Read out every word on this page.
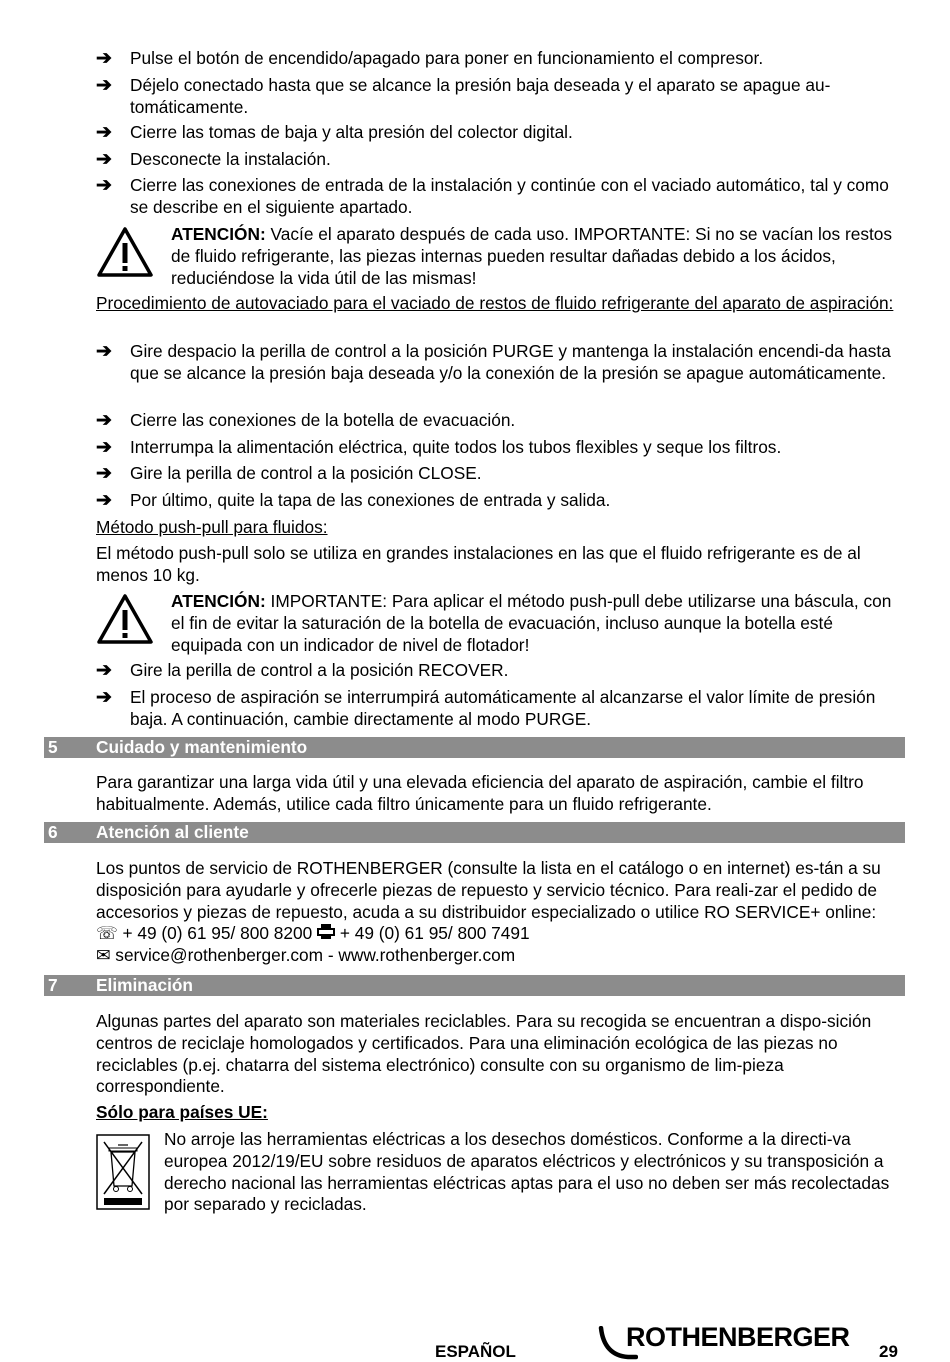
➔ Pulse el botón de encendido/apagado para poner en funcionamiento el compresor.
➔ Déjelo conectado hasta que se alcance la presión baja deseada y el aparato se apague au-tomáticamente.
➔ Cierre las tomas de baja y alta presión del colector digital.
➔ Desconecte la instalación.
➔ Cierre las conexiones de entrada de la instalación y continúe con el vaciado automático, tal y como se describe en el siguiente apartado.
ATENCIÓN: Vacíe el aparato después de cada uso. IMPORTANTE: Si no se vacían los restos de fluido refrigerante, las piezas internas pueden resultar dañadas debido a los ácidos, reduciéndose la vida útil de las mismas!
Procedimiento de autovaciado para el vaciado de restos de fluido refrigerante del aparato de aspiración:
➔ Gire despacio la perilla de control a la posición PURGE y mantenga la instalación encendi-da hasta que se alcance la presión baja deseada y/o la conexión de la presión se apague automáticamente.
➔ Cierre las conexiones de la botella de evacuación.
➔ Interrumpa la alimentación eléctrica, quite todos los tubos flexibles y seque los filtros.
➔ Gire la perilla de control a la posición CLOSE.
➔ Por último, quite la tapa de las conexiones de entrada y salida.
Método push-pull para fluidos:
El método push-pull solo se utiliza en grandes instalaciones en las que el fluido refrigerante es de al menos 10 kg.
ATENCIÓN: IMPORTANTE: Para aplicar el método push-pull debe utilizarse una báscula, con el fin de evitar la saturación de la botella de evacuación, incluso aunque la botella esté equipada con un indicador de nivel de flotador!
➔ Gire la perilla de control a la posición RECOVER.
➔ El proceso de aspiración se interrumpirá automáticamente al alcanzarse el valor límite de presión baja. A continuación, cambie directamente al modo PURGE.
5 Cuidado y mantenimiento
Para garantizar una larga vida útil y una elevada eficiencia del aparato de aspiración, cambie el filtro habitualmente. Además, utilice cada filtro únicamente para un fluido refrigerante.
6 Atención al cliente
Los puntos de servicio de ROTHENBERGER (consulte la lista en el catálogo o en internet) es-tán a su disposición para ayudarle y ofrecerle piezas de repuesto y servicio técnico. Para reali-zar el pedido de accesorios y piezas de repuesto, acuda a su distribuidor especializado o utilice RO SERVICE+ online: ☏ + 49 (0) 61 95/ 800 8200 + 49 (0) 61 95/ 800 7491
✉ service@rothenberger.com - www.rothenberger.com
7 Eliminación
Algunas partes del aparato son materiales reciclables. Para su recogida se encuentran a dispo-sición centros de reciclaje homologados y certificados. Para una eliminación ecológica de las piezas no reciclables (p.ej. chatarra del sistema electrónico) consulte con su organismo de lim-pieza correspondiente.
Sólo para países UE:
No arroje las herramientas eléctricas a los desechos domésticos. Conforme a la directi-va europea 2012/19/EU sobre residuos de aparatos eléctricos y electrónicos y su transposición a derecho nacional las herramientas eléctricas aptas para el uso no deben ser más recolectadas por separado y recicladas.
ESPAÑOL	ROTHENBERGER 29
